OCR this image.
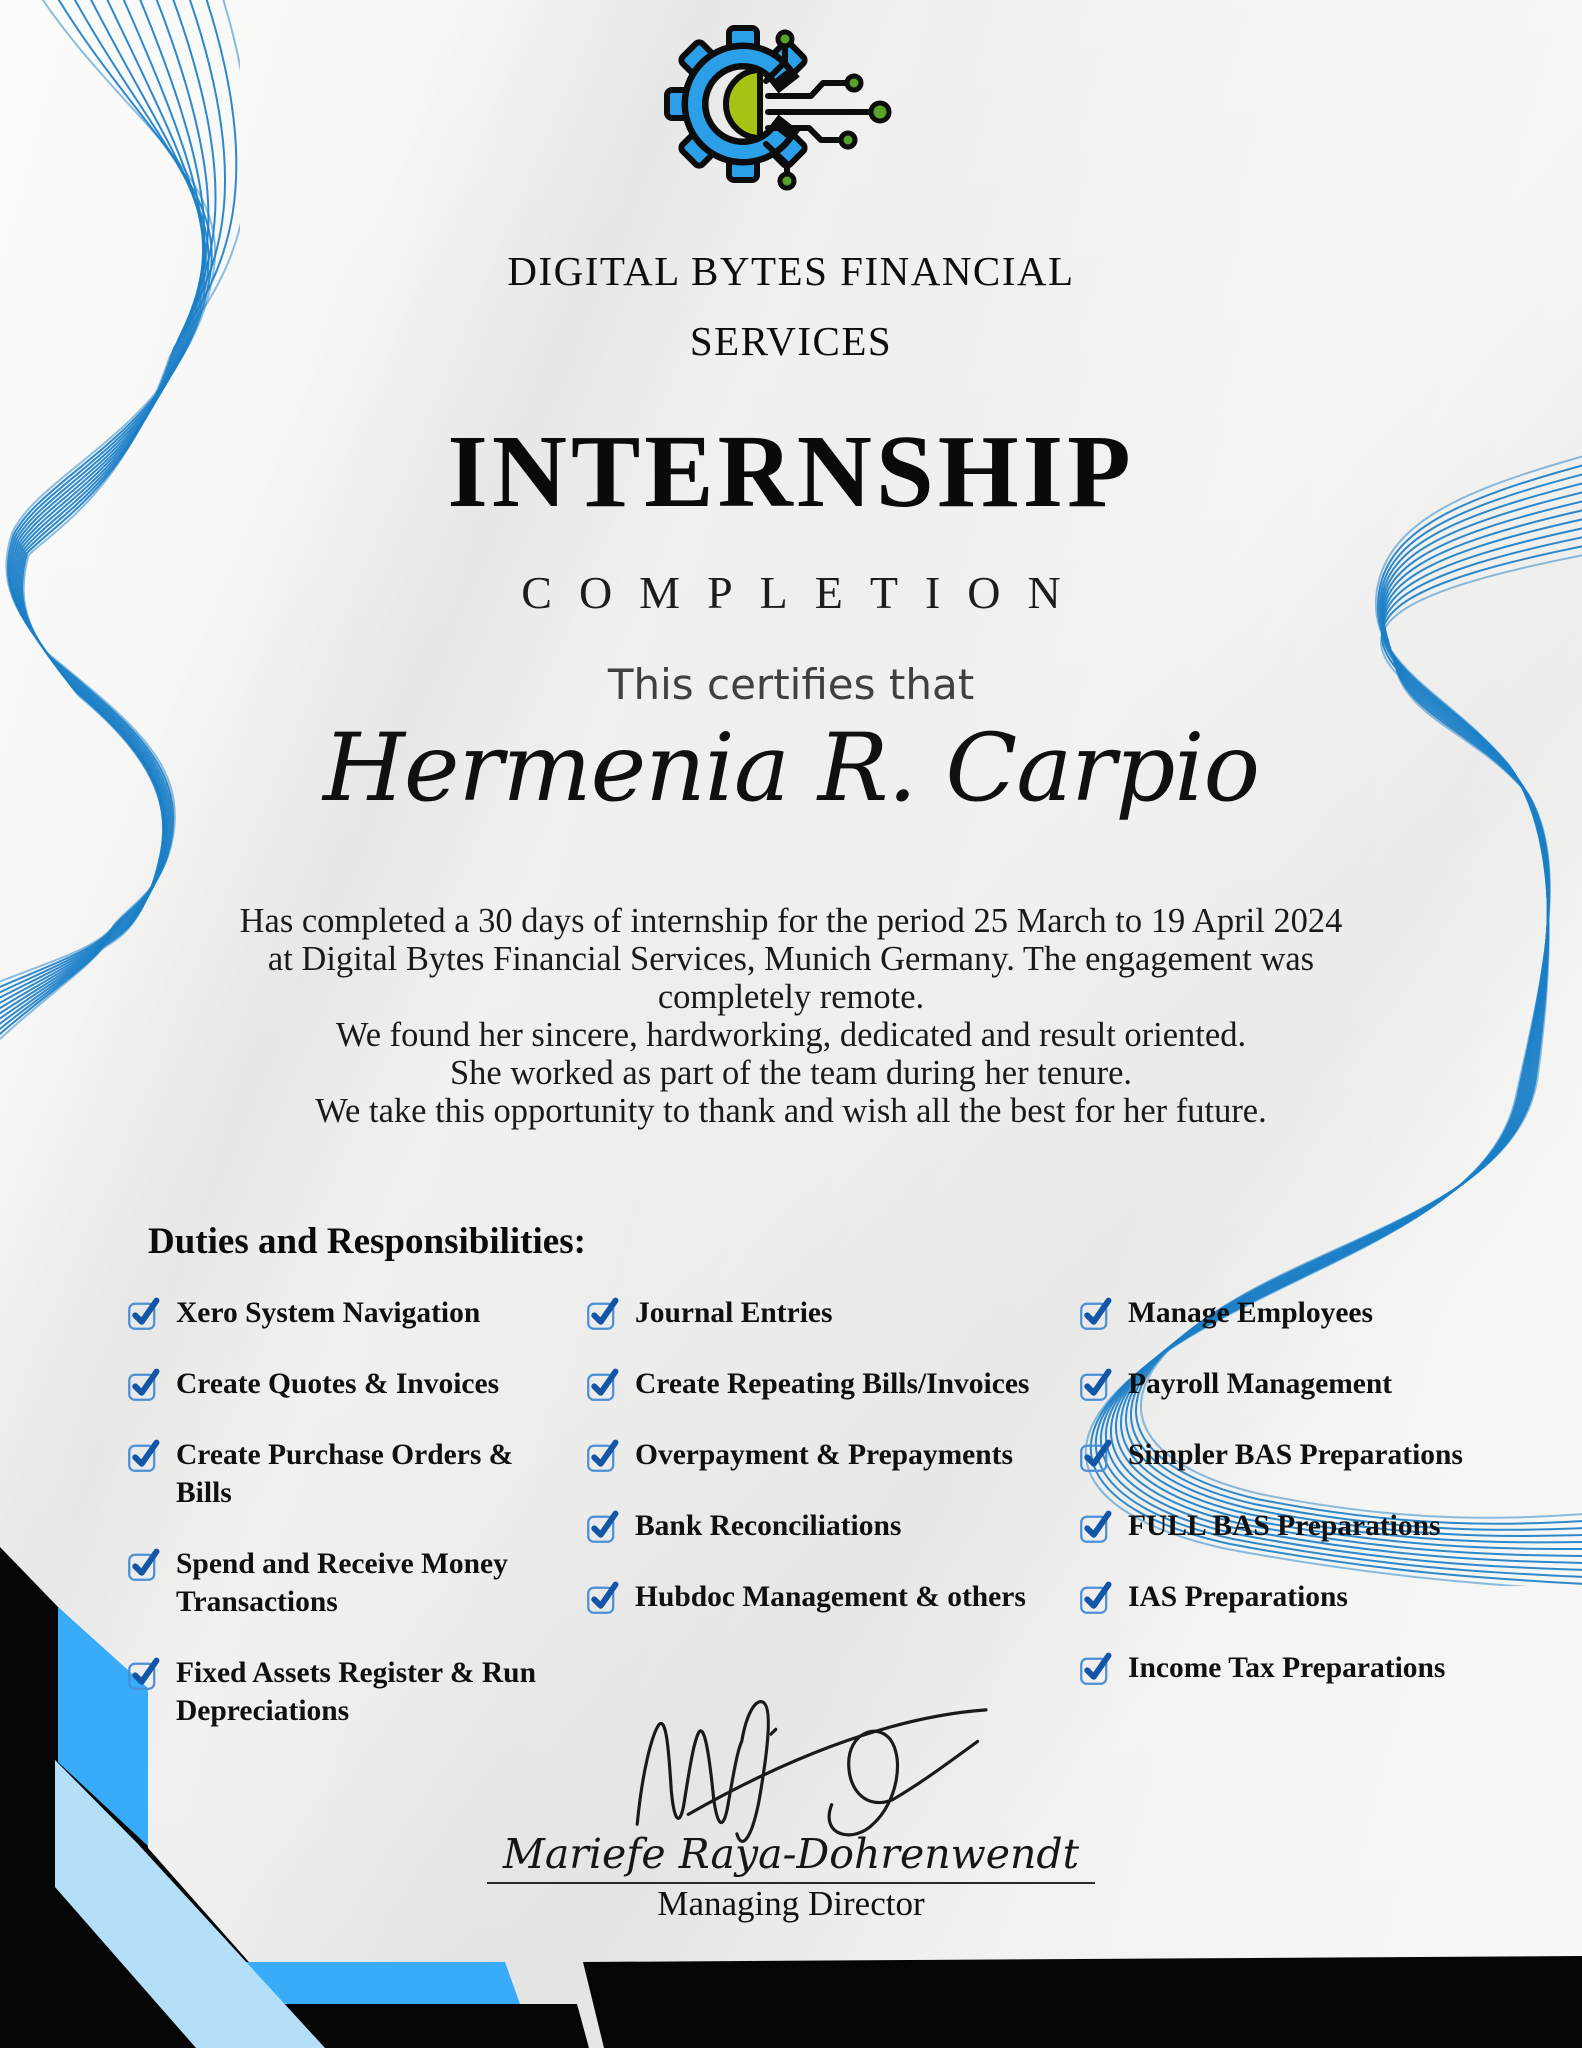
DIGITAL BYTES FINANCIAL
SERVICES
INTERNSHIP
COMPLETION
This certifies that
Hermenia R. Carpio
Has completed a 30 days of internship for the period 25 March to 19 April 2024
at Digital Bytes Financial Services, Munich Germany. The engagement was
completely remote.
We found her sincere, hardworking, dedicated and result oriented.
She worked as part of the team during her tenure.
We take this opportunity to thank and wish all the best for her future.
Duties and Responsibilities:
Xero System Navigation
Create Quotes & Invoices
Create Purchase Orders & Bills
Spend and Receive Money Transactions
Fixed Assets Register & Run Depreciations
Journal Entries
Create Repeating Bills/Invoices
Overpayment & Prepayments
Bank Reconciliations
Hubdoc Management & others
Manage Employees
Payroll Management
Simpler BAS Preparations
FULL BAS Preparations
IAS Preparations
Income Tax Preparations
Mariefe Raya-Dohrenwendt
Managing Director
